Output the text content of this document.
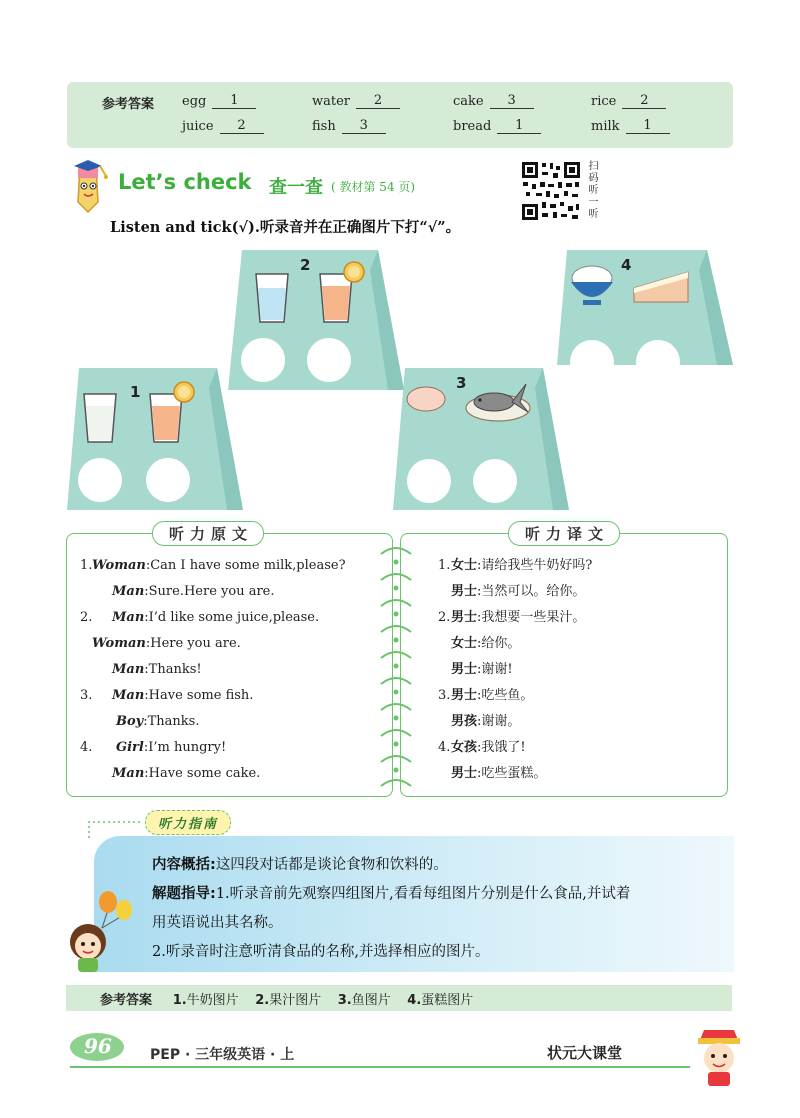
参考答案 egg	1	water	2	cake	3	rice	2
juice	2	fish	3	bread	1	milk	1
Let’s check 查一查 ( 教材第 54 页)	扫码听一听
Listen and tick(√).听录音并在正确图片下打“√”。
2	4
1	3
听力原文	听力译文
1.Woman:Can I have some milk,please?
Man:Sure.Here you are.
2. Man:I’d like some juice,please.
Woman:Here you are.
Man:Thanks!
3. Man:Have some fish.
Boy:Thanks.
4. Girl:I’m hungry!
Man:Have some cake.
1.女士:请给我些牛奶好吗?
男士:当然可以。给你。
2.男士:我想要一些果汁。
女士:给你。
男士:谢谢!
3.男士:吃些鱼。
男孩:谢谢。
4.女孩:我饿了!
男士:吃些蛋糕。
听力指南
内容概括:这四段对话都是谈论食物和饮料的。
解题指导:1.听录音前先观察四组图片,看看每组图片分别是什么食品,并试着
用英语说出其名称。
2.听录音时注意听清食品的名称,并选择相应的图片。
参考答案 1.牛奶图片 2.果汁图片 3.鱼图片 4.蛋糕图片
96	PEP · 三年级英语 · 上	状元大课堂
